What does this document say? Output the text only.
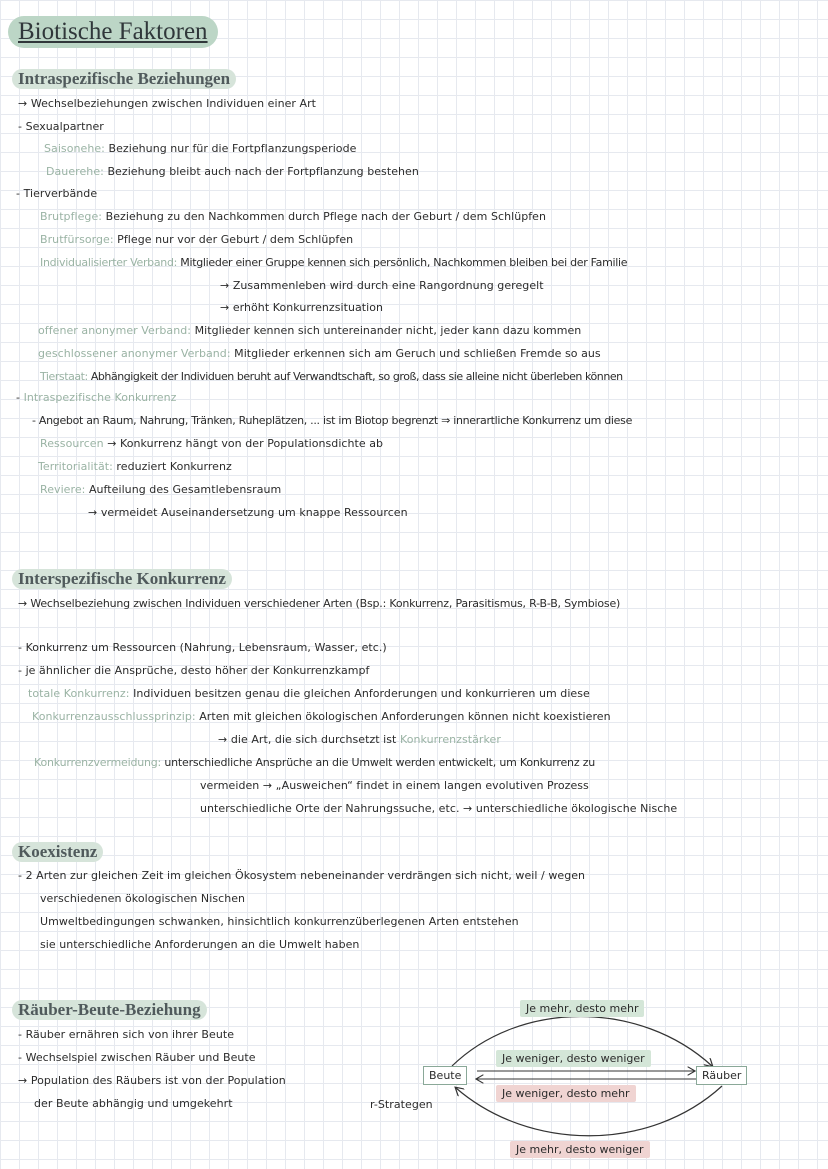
Biotische Faktoren
Intraspezifische Beziehungen
→ Wechselbeziehungen zwischen Individuen einer Art
- Sexualpartner
Saisonehe: Beziehung nur für die Fortpflanzungsperiode
Dauerehe: Beziehung bleibt auch nach der Fortpflanzung bestehen
- Tierverbände
Brutpflege: Beziehung zu den Nachkommen durch Pflege nach der Geburt / dem Schlüpfen
Brutfürsorge: Pflege nur vor der Geburt / dem Schlüpfen
Individualisierter Verband: Mitglieder einer Gruppe kennen sich persönlich, Nachkommen bleiben bei der Familie
→ Zusammenleben wird durch eine Rangordnung geregelt
→ erhöht Konkurrenzsituation
offener anonymer Verband: Mitglieder kennen sich untereinander nicht, jeder kann dazu kommen
geschlossener anonymer Verband: Mitglieder erkennen sich am Geruch und schließen Fremde so aus
Tierstaat: Abhängigkeit der Individuen beruht auf Verwandtschaft, so groß, dass sie alleine nicht überleben können
- Intraspezifische Konkurrenz
- Angebot an Raum, Nahrung, Tränken, Ruheplätzen, ... ist im Biotop begrenzt ⇒ innerartliche Konkurrenz um diese
Ressourcen → Konkurrenz hängt von der Populationsdichte ab
Territorialität: reduziert Konkurrenz
Reviere: Aufteilung des Gesamtlebensraum
→ vermeidet Auseinandersetzung um knappe Ressourcen
Interspezifische Konkurrenz
→ Wechselbeziehung zwischen Individuen verschiedener Arten (Bsp.: Konkurrenz, Parasitismus, R-B-B, Symbiose)
- Konkurrenz um Ressourcen (Nahrung, Lebensraum, Wasser, etc.)
- je ähnlicher die Ansprüche, desto höher der Konkurrenzkampf
totale Konkurrenz: Individuen besitzen genau die gleichen Anforderungen und konkurrieren um diese
Konkurrenzausschlussprinzip: Arten mit gleichen ökologischen Anforderungen können nicht koexistieren
→ die Art, die sich durchsetzt ist Konkurrenzstärker
Konkurrenzvermeidung: unterschiedliche Ansprüche an die Umwelt werden entwickelt, um Konkurrenz zu
vermeiden → „Ausweichen“ findet in einem langen evolutiven Prozess
unterschiedliche Orte der Nahrungssuche, etc. → unterschiedliche ökologische Nische
Koexistenz
- 2 Arten zur gleichen Zeit im gleichen Ökosystem nebeneinander verdrängen sich nicht, weil / wegen
verschiedenen ökologischen Nischen
Umweltbedingungen schwanken, hinsichtlich konkurrenzüberlegenen Arten entstehen
sie unterschiedliche Anforderungen an die Umwelt haben
Räuber-Beute-Beziehung
- Räuber ernähren sich von ihrer Beute
- Wechselspiel zwischen Räuber und Beute
→ Population des Räubers ist von der Population
der Beute abhängig und umgekehrt
Beute	Räuber
Je mehr, desto mehr
Je weniger, desto weniger
Je weniger, desto mehr
Je mehr, desto weniger
r-Strategen
